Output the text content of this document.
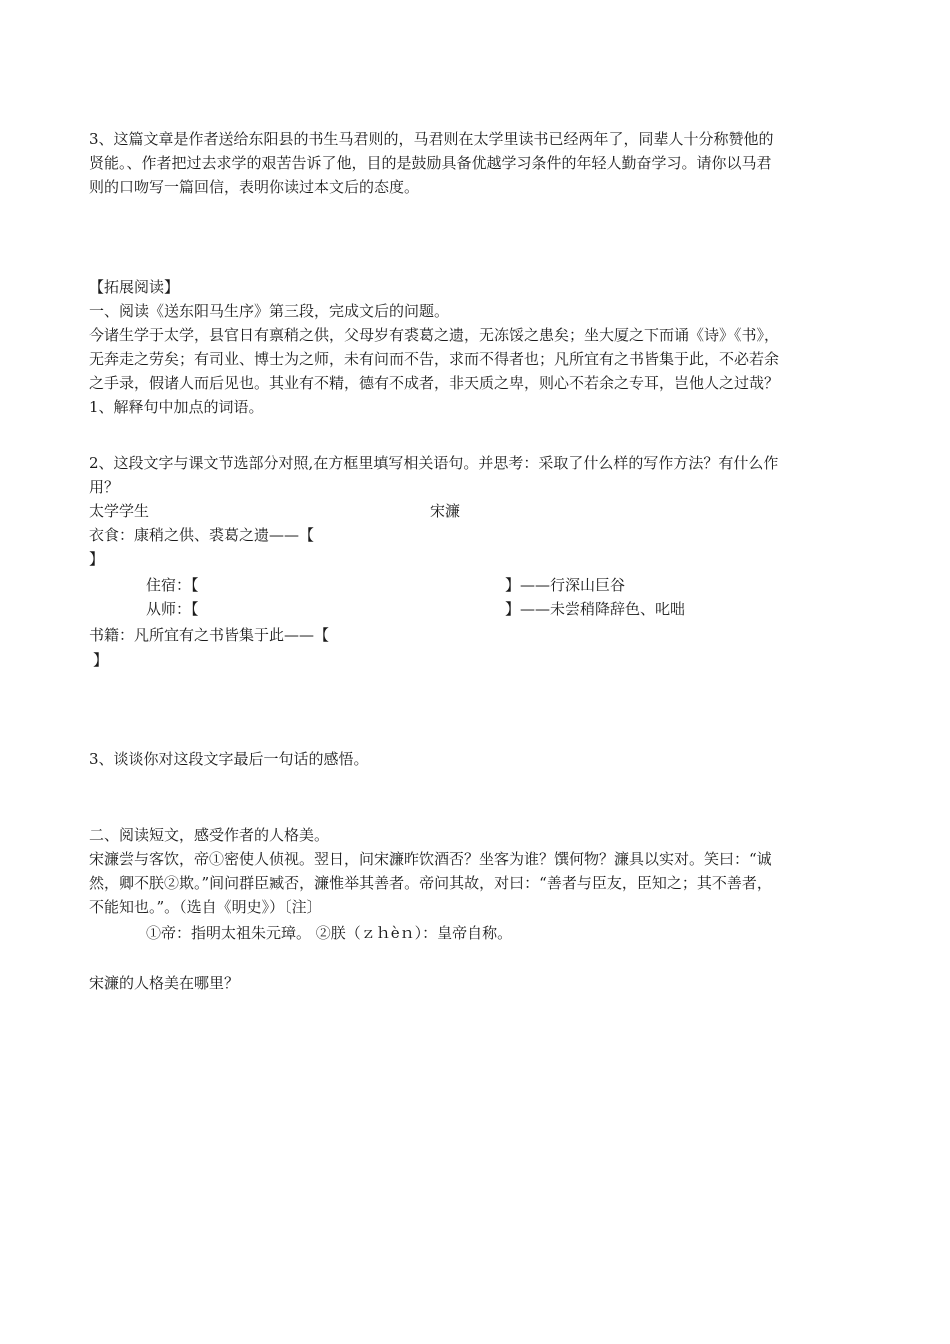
3、这篇文章是作者送给东阳县的书生马君则的，马君则在太学里读书已经两年了，同辈人十分称赞他的
贤能。、作者把过去求学的艰苦告诉了他，目的是鼓励具备优越学习条件的年轻人勤奋学习。请你以马君
则的口吻写一篇回信，表明你读过本文后的态度。
【拓展阅读】
一、阅读《送东阳马生序》第三段，完成文后的问题。
今诸生学于太学，县官日有禀稍之供，父母岁有裘葛之遗，无冻馁之患矣；坐大厦之下而诵《诗》《书》，
无奔走之劳矣；有司业、博士为之师，未有问而不告，求而不得者也；凡所宜有之书皆集于此，不必若余
之手录，假诸人而后见也。其业有不精，德有不成者，非天质之卑，则心不若余之专耳，岂他人之过哉？
1、解释句中加点的词语。
2、这段文字与课文节选部分对照,在方框里填写相关语句。并思考：采取了什么样的写作方法？有什么作
用？
太学学生	宋濂
衣食：康稍之供、裘葛之遗——【
】
住宿：【	】——行深山巨谷
从师：【	】——未尝稍降辞色、叱咄
书籍：凡所宜有之书皆集于此——【
】
3、谈谈你对这段文字最后一句话的感悟。
二、阅读短文，感受作者的人格美。
宋濂尝与客饮，帝①密使人侦视。翌日，问宋濂昨饮酒否？坐客为谁？馔何物？濂具以实对。笑曰：“诚
然，卿不朕②欺。”间问群臣臧否，濂惟举其善者。帝问其故，对曰：“善者与臣友，臣知之；其不善者，
不能知也。”。（选自《明史》）〔注〕
①帝：指明太祖朱元璋。 ②朕（ｚｈèｎ）：皇帝自称。
宋濂的人格美在哪里？
